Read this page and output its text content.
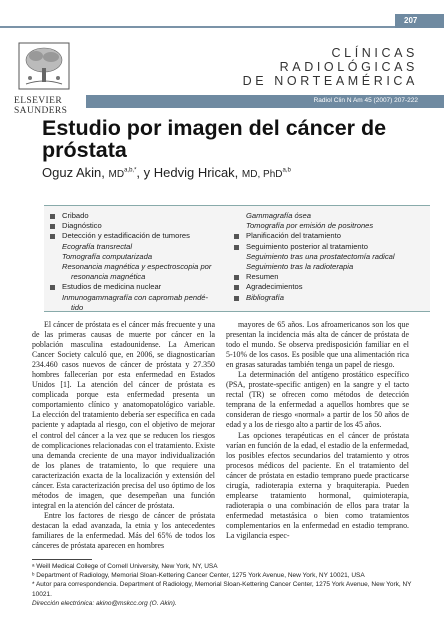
207
ELSEVIER
SAUNDERS
CLÍNICAS
RADIOLÓGICAS
DE NORTEAMÉRICA
Radiol Clin N Am 45 (2007) 207-222
Estudio por imagen del cáncer de próstata
Oguz Akin, $MD^{a,b,*}$, y Hedvig Hricak, MD, PhD$^{a,b}$
Cribado
Diagnóstico
Detección y estadificación de tumores
Ecografía transrectal
Tomografía computarizada
Resonancia magnética y espectroscopia por
resonancia magnética
Estudios de medicina nuclear
Inmunogammagrafía con capromab pendé-
tido
Gammagrafía ósea
Tomografía por emisión de positrones
Planificación del tratamiento
Seguimiento posterior al tratamiento
Seguimiento tras una prostatectomía radical
Seguimiento tras la radioterapia
Resumen
Agradecimientos
Bibliografía

El cáncer de próstata es el cáncer más frecuente y una de las primeras causas de muerte por cáncer en la población masculina estadounidense. La American Cancer Society calculó que, en 2006, se diagnosticarían 234.460 casos nuevos de cáncer de próstata y 27.350 hombres fallecerían por esta enfermedad en Estados Unidos [1]. La atención del cáncer de próstata es complicada porque esta enfermedad presenta un comportamiento clínico y anatomopatológico variable. La elección del tratamiento debería ser específica en cada paciente y adaptada al riesgo, con el objetivo de mejorar el control del cáncer a la vez que se reducen los riesgos de complicaciones relacionadas con el tratamiento. Existe una demanda creciente de una mayor individualización de los planes de tratamiento, lo que requiere una caracterización exacta de la localización y extensión del cáncer. Esta caracterización precisa del uso óptimo de los métodos de imagen, que desempeñan una función integral en la atención del cáncer de próstata.

Entre los factores de riesgo de cáncer de próstata destacan la edad avanzada, la etnia y los antecedentes familiares de la enfermedad. Más del 65% de todos los cánceres de próstata aparecen en hombres

mayores de 65 años. Los afroamericanos son los que presentan la incidencia más alta de cáncer de próstata de todo el mundo. Se observa predisposición familiar en el 5-10% de los casos. Es posible que una alimentación rica en grasas saturadas también tenga un papel de riesgo.

La determinación del antígeno prostático específico (PSA, prostate-specific antigen) en la sangre y el tacto rectal (TR) se ofrecen como métodos de detección temprana de la enfermedad a aquellos hombres que se consideran de riesgo «normal» a partir de los 50 años de edad y a los de riesgo alto a partir de los 45 años.

Las opciones terapéuticas en el cáncer de próstata varían en función de la edad, el estadio de la enfermedad, los posibles efectos secundarios del tratamiento y otros procesos médicos del paciente. En el tratamiento del cáncer de próstata en estadio temprano puede practicarse cirugía, radioterapia externa y braquiterapia. Pueden emplearse tratamiento hormonal, quimioterapia, radioterapia o una combinación de ellos para tratar la enfermedad metastásica o bien como tratamientos complementarios en la enfermedad en estadio temprano. La vigilancia espec-

ᵃ Weill Medical College of Cornell University, New York, NY, USA
ᵇ Department of Radiology, Memorial Sloan-Kettering Cancer Center, 1275 York Avenue, New York, NY 10021, USA
* Autor para correspondencia. Department of Radiology, Memorial Sloan-Kettering Cancer Center, 1275 York Avenue, New York, NY 10021.
Dirección electrónica: akino@mskcc.org (O. Akin).
